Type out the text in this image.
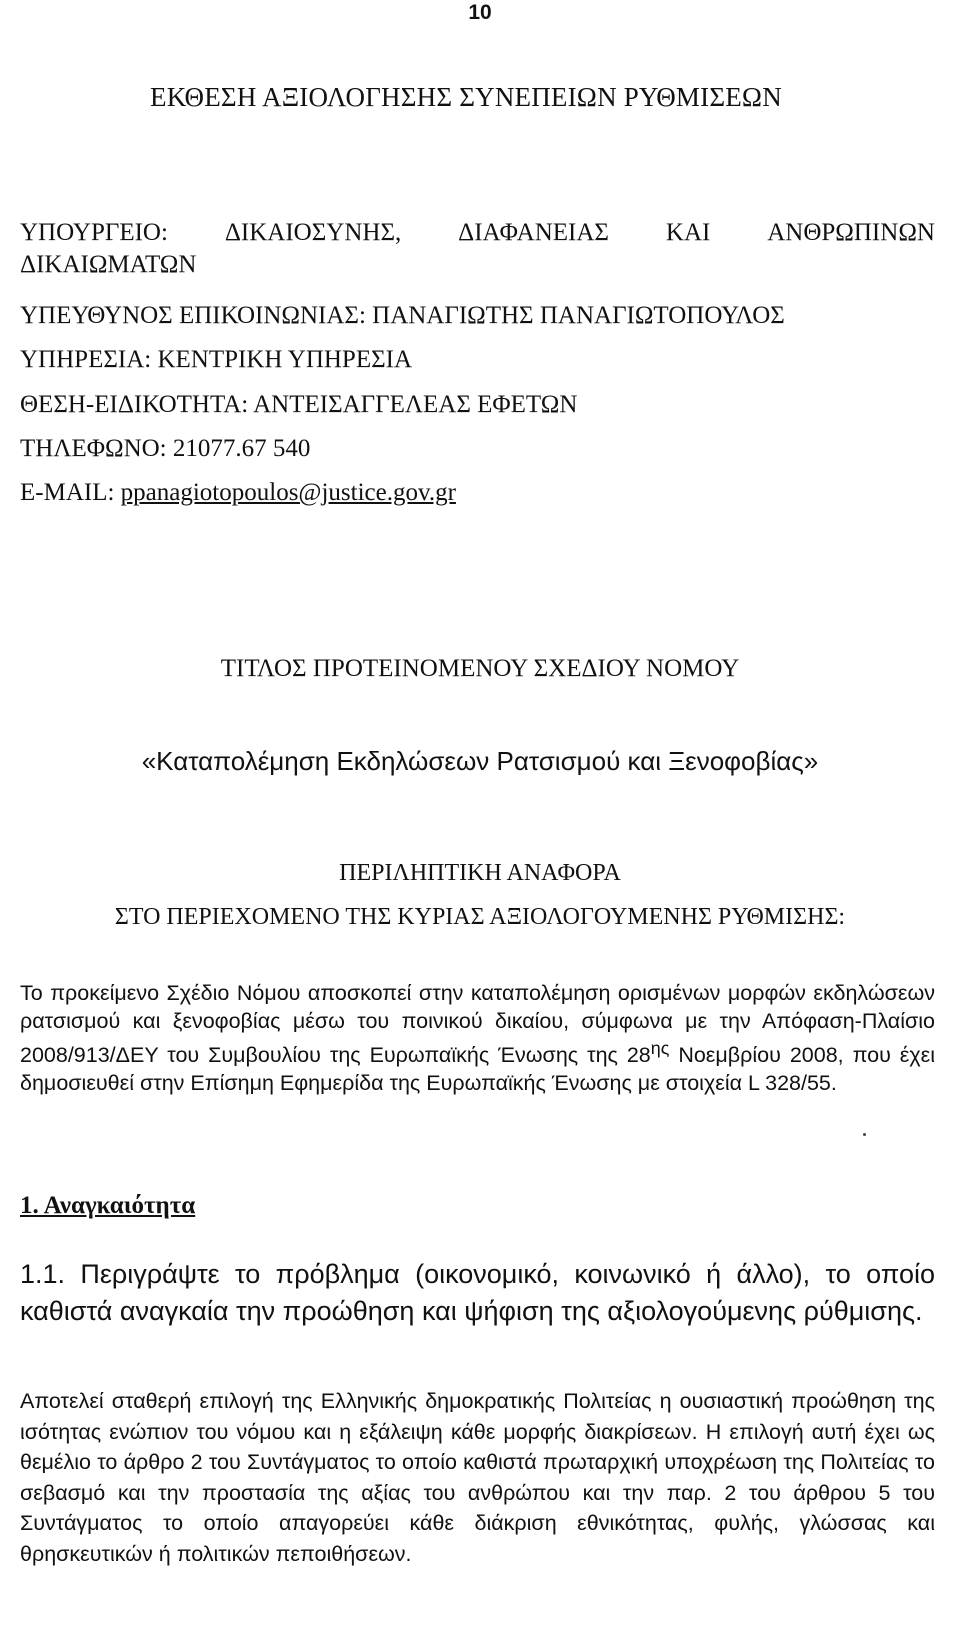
10
ΕΚΘΕΣΗ ΑΞΙΟΛΟΓΗΣΗΣ ΣΥΝΕΠΕΙΩΝ ΡΥΘΜΙΣΕΩΝ
ΥΠΟΥΡΓΕΙΟ: ΔΙΚΑΙΟΣΥΝΗΣ, ΔΙΑΦΑΝΕΙΑΣ ΚΑΙ ΑΝΘΡΩΠΙΝΩΝ
ΔΙΚΑΙΩΜΑΤΩΝ
ΥΠΕΥΘΥΝΟΣ ΕΠΙΚΟΙΝΩΝΙΑΣ: ΠΑΝΑΓΙΩΤΗΣ ΠΑΝΑΓΙΩΤΟΠΟΥΛΟΣ
ΥΠΗΡΕΣΙΑ: ΚΕΝΤΡΙΚΗ ΥΠΗΡΕΣΙΑ
ΘΕΣΗ-ΕΙΔΙΚΟΤΗΤΑ: ΑΝΤΕΙΣΑΓΓΕΛΕΑΣ ΕΦΕΤΩΝ
ΤΗΛΕΦΩΝΟ: 21077.67 540
E-MAIL: ppanagiotopoulos@justice.gov.gr
ΤΙΤΛΟΣ ΠΡΟΤΕΙΝΟΜΕΝΟΥ ΣΧΕΔΙΟΥ ΝΟΜΟΥ
«Καταπολέμηση Εκδηλώσεων Ρατσισμού και Ξενοφοβίας»
ΠΕΡΙΛΗΠΤΙΚΗ ΑΝΑΦΟΡΑ
ΣΤΟ ΠΕΡΙΕΧΟΜΕΝΟ ΤΗΣ ΚΥΡΙΑΣ ΑΞΙΟΛΟΓΟΥΜΕΝΗΣ ΡΥΘΜΙΣΗΣ:
Το προκείμενο Σχέδιο Νόμου αποσκοπεί στην καταπολέμηση ορισμένων μορφών εκδηλώσεων ρατσισμού και ξενοφοβίας μέσω του ποινικού δικαίου, σύμφωνα με την Απόφαση-Πλαίσιο 2008/913/ΔΕΥ του Συμβουλίου της Ευρωπαϊκής Ένωσης της $28^{\eta\varsigma}$ Νοεμβρίου 2008, που έχει δημοσιευθεί στην Επίσημη Εφημερίδα της Ευρωπαϊκής Ένωσης με στοιχεία L 328/55.
1. Αναγκαιότητα
1.1. Περιγράψτε το πρόβλημα (οικονομικό, κοινωνικό ή άλλο), το οποίο καθιστά αναγκαία την προώθηση και ψήφιση της αξιολογούμενης ρύθμισης.
Αποτελεί σταθερή επιλογή της Ελληνικής δημοκρατικής Πολιτείας η ουσιαστική προώθηση της ισότητας ενώπιον του νόμου και η εξάλειψη κάθε μορφής διακρίσεων. Η επιλογή αυτή έχει ως θεμέλιο το άρθρο 2 του Συντάγματος το οποίο καθιστά πρωταρχική υποχρέωση της Πολιτείας το σεβασμό και την προστασία της αξίας του ανθρώπου και την παρ. 2 του άρθρου 5 του Συντάγματος το οποίο απαγορεύει κάθε διάκριση εθνικότητας, φυλής, γλώσσας και θρησκευτικών ή πολιτικών πεποιθήσεων.
